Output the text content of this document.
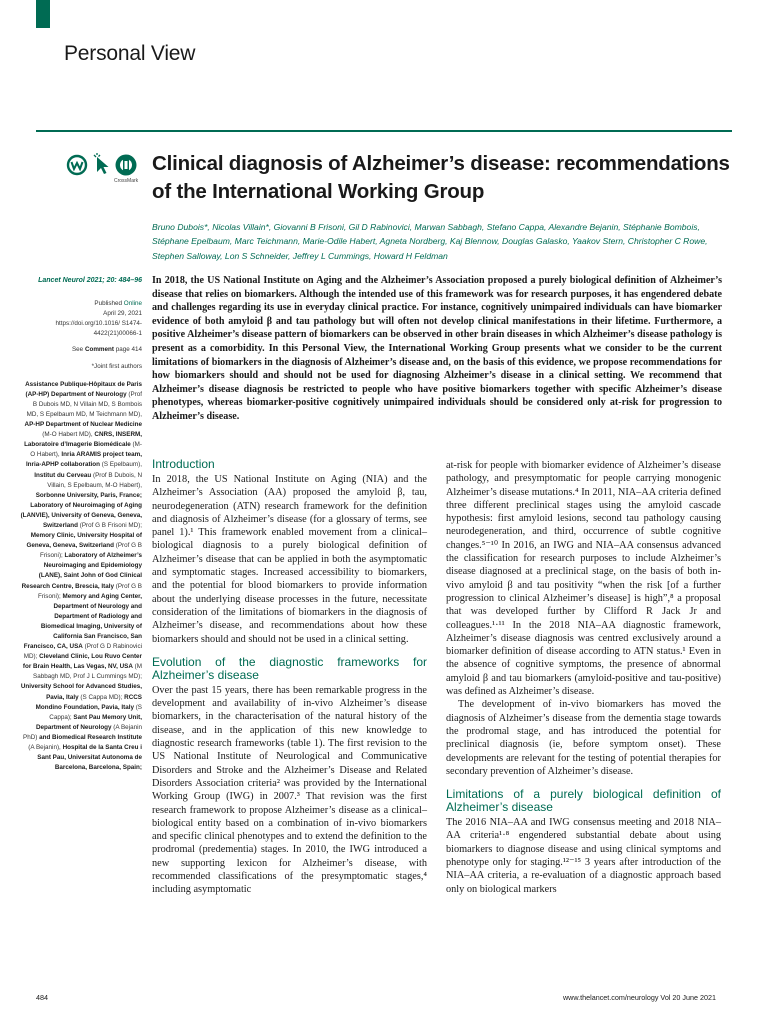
Personal View
CrossMark
Clinical diagnosis of Alzheimer’s disease: recommendations of the International Working Group
Bruno Dubois*, Nicolas Villain*, Giovanni B Frisoni, Gil D Rabinovici, Marwan Sabbagh, Stefano Cappa, Alexandre Bejanin, Stéphanie Bombois, Stéphane Epelbaum, Marc Teichmann, Marie-Odile Habert, Agneta Nordberg, Kaj Blennow, Douglas Galasko, Yaakov Stern, Christopher C Rowe, Stephen Salloway, Lon S Schneider, Jeffrey L Cummings, Howard H Feldman
Lancet Neurol 2021; 20: 484–96
Published Online
April 29, 2021
https://doi.org/10.1016/ S1474-4422(21)00066-1
See Comment page 414
*Joint first authors
Assistance Publique-Hôpitaux de Paris (AP-HP) Department of Neurology (Prof B Dubois MD, N Villain MD, S Bombois MD, S Epelbaum MD, M Teichmann MD), AP-HP Department of Nuclear Medicine (M-O Habert MD), CNRS, INSERM, Laboratoire d’Imagerie Biomédicale (M-O Habert), Inria ARAMIS project team, Inria-APHP collaboration (S Epelbaum), Institut du Cerveau (Prof B Dubois, N Villain, S Epelbaum, M-O Habert), Sorbonne University, Paris, France; Laboratory of Neuroimaging of Aging (LANVIE), University of Geneva, Geneva, Switzerland (Prof G B Frisoni MD); Memory Clinic, University Hospital of Geneva, Geneva, Switzerland (Prof G B Frisoni); Laboratory of Alzheimer’s Neuroimaging and Epidemiology (LANE), Saint John of God Clinical Research Centre, Brescia, Italy (Prof G B Frisoni); Memory and Aging Center, Department of Neurology and Department of Radiology and Biomedical Imaging, University of California San Francisco, San Francisco, CA, USA (Prof G D Rabinovici MD); Cleveland Clinic, Lou Ruvo Center for Brain Health, Las Vegas, NV, USA (M Sabbagh MD, Prof J L Cummings MD); University School for Advanced Studies, Pavia, Italy (S Cappa MD); RCCS Mondino Foundation, Pavia, Italy (S Cappa); Sant Pau Memory Unit, Department of Neurology (A Bejanin PhD) and Biomedical Research Institute (A Bejanin), Hospital de la Santa Creu i Sant Pau, Universitat Autonoma de Barcelona, Barcelona, Spain;

In 2018, the US National Institute on Aging and the Alzheimer’s Association proposed a purely biological definition of Alzheimer’s disease that relies on biomarkers. Although the intended use of this framework was for research purposes, it has engendered debate and challenges regarding its use in everyday clinical practice. For instance, cognitively unimpaired individuals can have biomarker evidence of both amyloid β and tau pathology but will often not develop clinical manifestations in their lifetime. Furthermore, a positive Alzheimer’s disease pattern of biomarkers can be observed in other brain diseases in which Alzheimer’s disease pathology is present as a comorbidity. In this Personal View, the International Working Group presents what we consider to be the current limitations of biomarkers in the diagnosis of Alzheimer’s disease and, on the basis of this evidence, we propose recommendations for how biomarkers should and should not be used for diagnosing Alzheimer’s disease in a clinical setting. We recommend that Alzheimer’s disease diagnosis be restricted to people who have positive biomarkers together with specific Alzheimer’s disease phenotypes, whereas biomarker-positive cognitively unimpaired individuals should be considered only at-risk for progression to Alzheimer’s disease.

Introduction

In 2018, the US National Institute on Aging (NIA) and the Alzheimer’s Association (AA) proposed the amyloid β, tau, neurodegeneration (ATN) research framework for the definition and diagnosis of Alzheimer’s disease (for a glossary of terms, see panel 1).¹ This framework enabled movement from a clinical–biological diagnosis to a purely biological definition of Alzheimer’s disease that can be applied in both the asymptomatic and symptomatic stages. Increased accessibility to biomarkers, and the potential for blood biomarkers to provide information about the underlying disease processes in the future, necessitate consideration of the limitations of biomarkers in the diagnosis of Alzheimer’s disease, and recommendations about how these biomarkers should and should not be used in a clinical setting.

Evolution of the diagnostic frameworks for Alzheimer’s disease

Over the past 15 years, there has been remarkable progress in the development and availability of in-vivo Alzheimer’s disease biomarkers, in the characterisation of the natural history of the disease, and in the application of this new knowledge to diagnostic research frameworks (table 1). The first revision to the US National Institute of Neurological and Communicative Disorders and Stroke and the Alzheimer’s Disease and Related Disorders Association criteria² was provided by the International Working Group (IWG) in 2007.³ That revision was the first research framework to propose Alzheimer’s disease as a clinical–biological entity based on a combination of in-vivo biomarkers and specific clinical phenotypes and to extend the definition to the prodromal (predementia) stages. In 2010, the IWG introduced a new supporting lexicon for Alzheimer’s disease, with recommended classifications of the presymptomatic stages,⁴ including asymptomatic

at-risk for people with biomarker evidence of Alzheimer’s disease pathology, and presymptomatic for people carrying monogenic Alzheimer’s disease mutations.⁴ In 2011, NIA–AA criteria defined three different preclinical stages using the amyloid cascade hypothesis: first amyloid lesions, second tau pathology causing neurodegeneration, and third, occurrence of subtle cognitive changes.⁵⁻¹⁰ In 2016, an IWG and NIA–AA consensus advanced the classification for research purposes to include Alzheimer’s disease diagnosed at a preclinical stage, on the basis of both in-vivo amyloid β and tau positivity “when the risk [of a further progression to clinical Alzheimer’s disease] is high”,⁸ a proposal that was developed further by Clifford R Jack Jr and colleagues.¹·¹¹ In the 2018 NIA–AA diagnostic framework, Alzheimer’s disease diagnosis was centred exclusively around a biomarker definition of disease according to ATN status.¹ Even in the absence of cognitive symptoms, the presence of abnormal amyloid β and tau biomarkers (amyloid-positive and tau-positive) was defined as Alzheimer’s disease.

The development of in-vivo biomarkers has moved the diagnosis of Alzheimer’s disease from the dementia stage towards the prodromal stage, and has introduced the potential for preclinical diagnosis (ie, before symptom onset). These developments are relevant for the testing of potential therapies for secondary prevention of Alzheimer’s disease.

Limitations of a purely biological definition of Alzheimer’s disease

The 2016 NIA–AA and IWG consensus meeting and 2018 NIA–AA criteria¹·⁸ engendered substantial debate about using biomarkers to diagnose disease and using clinical symptoms and phenotype only for staging.¹²⁻¹⁵ 3 years after introduction of the NIA–AA criteria, a re-evaluation of a diagnostic approach based only on biological markers

484	www.thelancet.com/neurology Vol 20 June 2021
